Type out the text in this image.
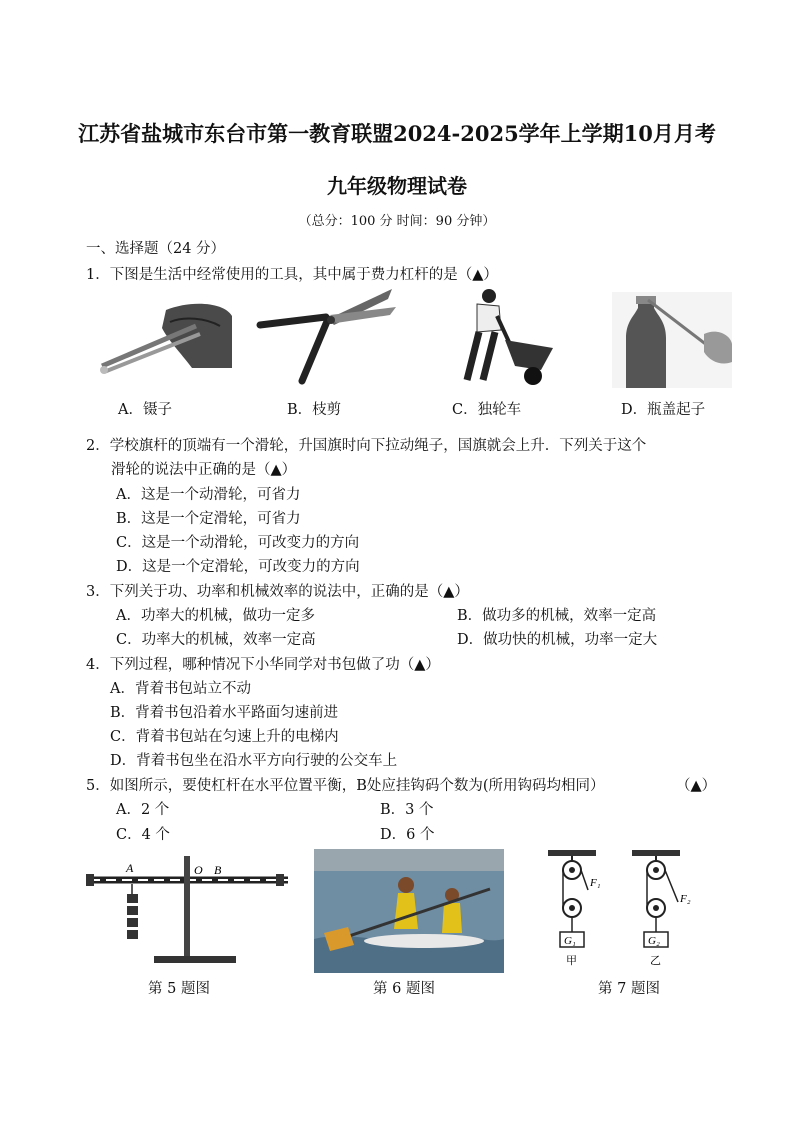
江苏省盐城市东台市第一教育联盟2024-2025学年上学期10月月考
九年级物理试卷
（总分：100 分 时间：90 分钟）
一、选择题（24 分）
1．下图是生活中经常使用的工具，其中属于费力杠杆的是（▲）
A．镊子	B．枝剪	C．独轮车	D．瓶盖起子
2．学校旗杆的顶端有一个滑轮，升国旗时向下拉动绳子，国旗就会上升．下列关于这个
滑轮的说法中正确的是（▲）
A．这是一个动滑轮，可省力
B．这是一个定滑轮，可省力
C．这是一个动滑轮，可改变力的方向
D．这是一个定滑轮，可改变力的方向
3．下列关于功、功率和机械效率的说法中，正确的是（▲）
A．功率大的机械，做功一定多	B．做功多的机械，效率一定高
C．功率大的机械，效率一定高	D．做功快的机械，功率一定大
4．下列过程，哪种情况下小华同学对书包做了功（▲）
A．背着书包站立不动
B．背着书包沿着水平路面匀速前进
C．背着书包站在匀速上升的电梯内
D．背着书包坐在沿水平方向行驶的公交车上
5．如图所示，要使杠杆在水平位置平衡，B处应挂钩码个数为(所用钩码均相同）	（▲）
A．2 个	B．3 个
C．4 个	D．6 个
A	O B
G₁
F₁
甲
G₂
F₂
乙
第 5 题图	第 6 题图	第 7 题图
